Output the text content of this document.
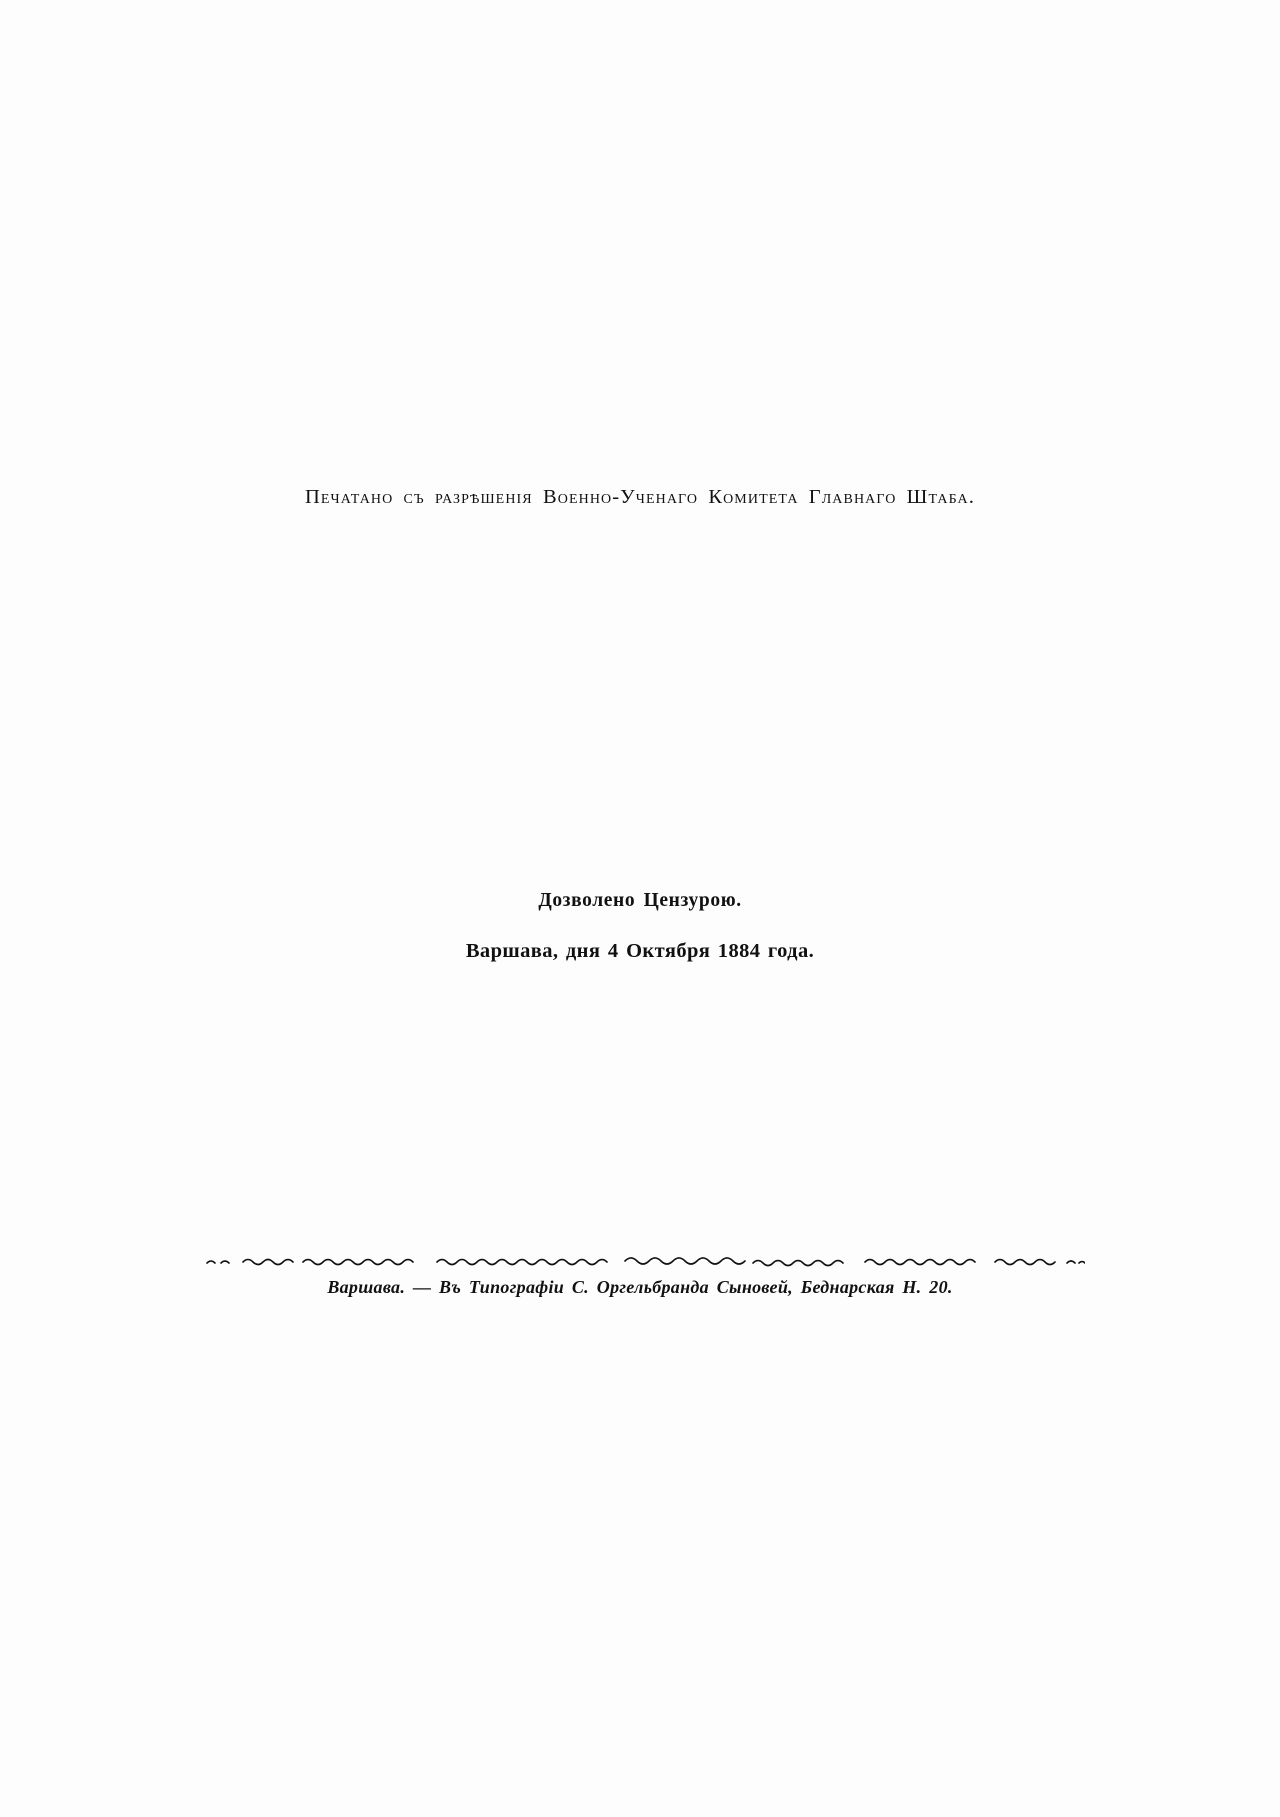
Печатано съ разрѣшенія Военно-Ученаго Комитета Главнаго Штаба.
Дозволено Цензурою.
Варшава, дня 4 Октября 1884 года.
Варшава. — Въ Типографіи С. Оргельбранда Сыновей, Беднарская Н. 20.
